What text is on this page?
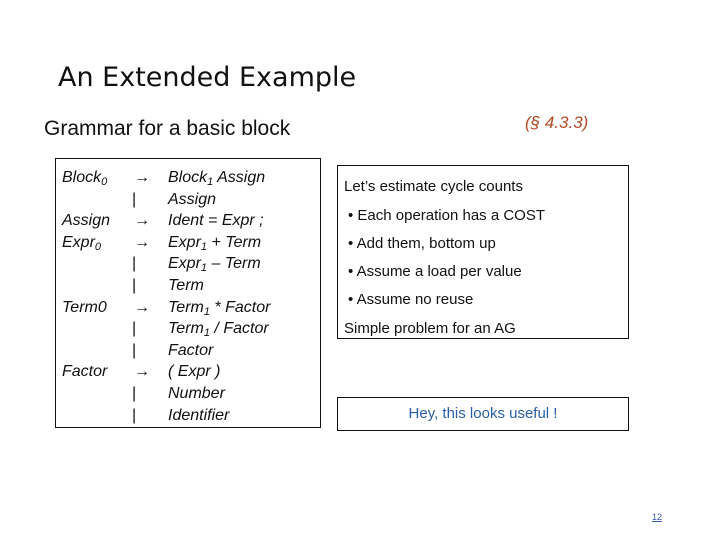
An Extended Example
Grammar for a basic block	(§ 4.3.3)
Block$_0$ → Block$_1$ Assign
| Assign
Assign → Ident = Expr ;
Expr$_0$ → Expr$_1$ + Term
| Expr$_1$ – Term
| Term
Term0 → Term$_1$ * Factor
| Term$_1$ / Factor
| Factor
Factor → ( Expr )
| Number
| Identifier
Let’s estimate cycle counts
• Each operation has a COST
• Add them, bottom up
• Assume a load per value
• Assume no reuse
Simple problem for an AG
Hey, this looks useful !
12
